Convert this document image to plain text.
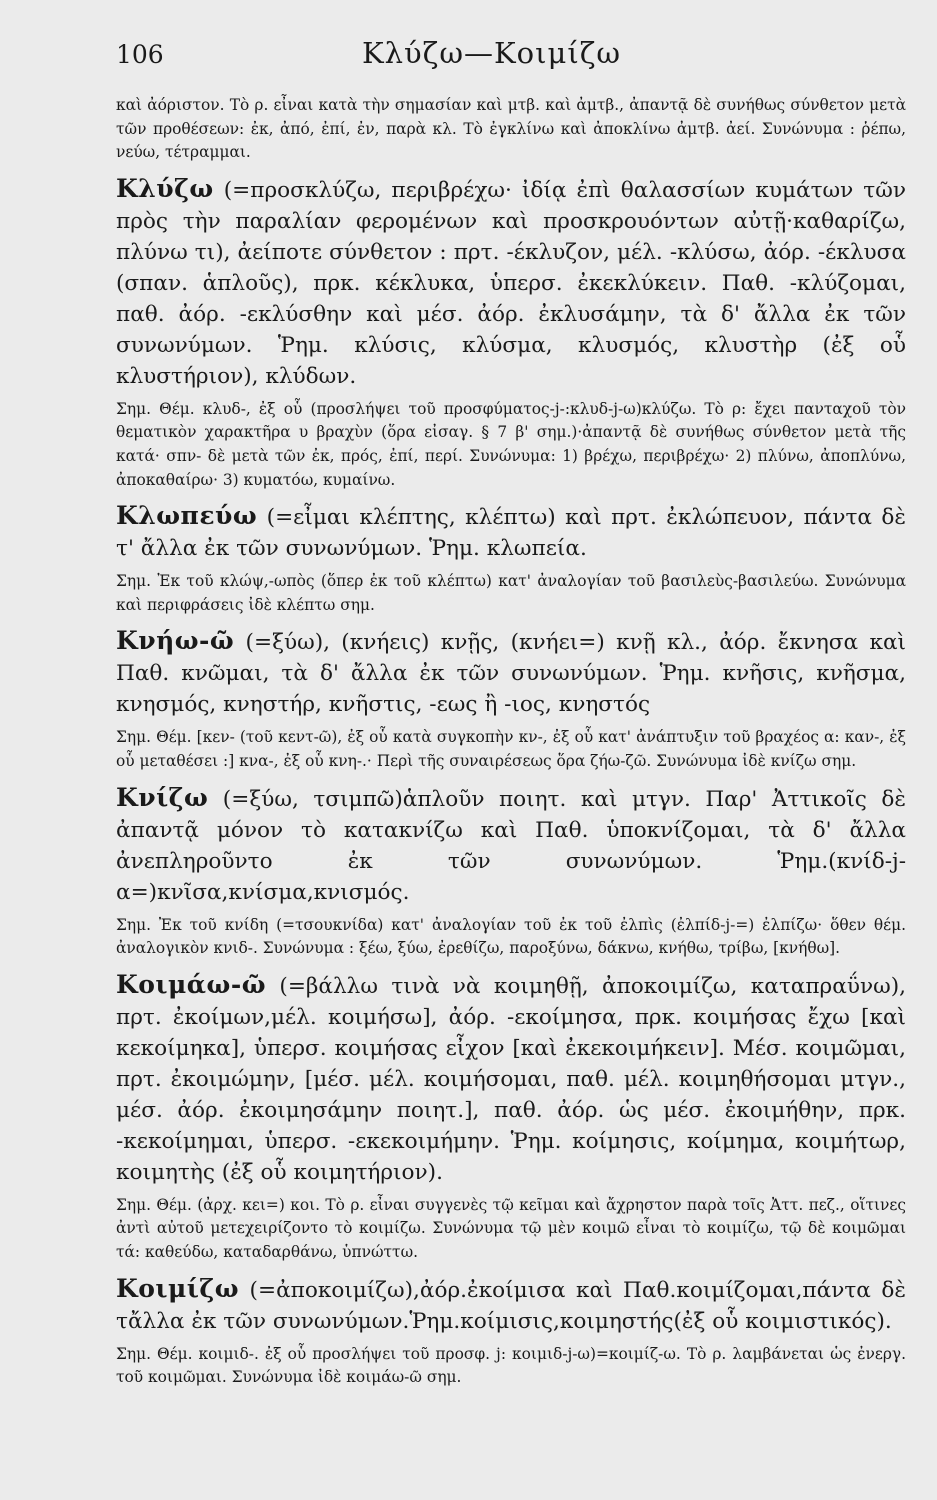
106	Κλύζω—Κοιμίζω

καὶ ἀόριστον. Τὸ ρ. εἶναι κατὰ τὴν σημασίαν καὶ μτβ. καὶ ἀμτβ., ἀπαντᾷ δὲ συνήθως σύνθετον μετὰ τῶν προθέσεων: ἐκ, ἀπό, ἐπί, ἐν, παρὰ κλ. Τὸ ἐγκλίνω καὶ ἀποκλίνω ἀμτβ. ἀεί. Συνώνυμα : ῥέπω, νεύω, τέτραμμαι.

Κλύζω (=προσκλύζω, περιβρέχω· ἰδίᾳ ἐπὶ θαλασσίων κυμάτων τῶν πρὸς τὴν παραλίαν φερομένων καὶ προσκρουόντων αὐτῇ·καθαρίζω, πλύνω τι), ἀείποτε σύνθετον : πρτ. -έκλυζον, μέλ. -κλύσω, ἀόρ. -έκλυσα (σπαν. ἁπλοῦς), πρκ. κέκλυκα, ὑπερσ. ἐκεκλύκειν. Παθ. -κλύζομαι, παθ. ἀόρ. -εκλύσθην καὶ μέσ. ἀόρ. ἐκλυσάμην, τὰ δ' ἄλλα ἐκ τῶν συνωνύμων. Ῥημ. κλύσις, κλύσμα, κλυσμός, κλυστὴρ (ἐξ οὗ κλυστήριον), κλύδων.

Σημ. Θέμ. κλυδ-, ἐξ οὗ (προσλήψει τοῦ προσφύματος-j-:κλυδ-j-ω)κλύζω. Τὸ ρ: ἔχει πανταχοῦ τὸν θεματικὸν χαρακτῆρα υ βραχὺν (ὅρα εἰσαγ. § 7 β' σημ.)·ἀπαντᾷ δὲ συνήθως σύνθετον μετὰ τῆς κατά· σπν- δὲ μετὰ τῶν ἐκ, πρός, ἐπί, περί. Συνώνυμα: 1) βρέχω, περιβρέχω· 2) πλύνω, ἀποπλύνω, ἀποκαθαίρω· 3) κυματόω, κυμαίνω.

Κλωπεύω (=εἶμαι κλέπτης, κλέπτω) καὶ πρτ. ἐκλώπευον, πάντα δὲ τ' ἄλλα ἐκ τῶν συνωνύμων. Ῥημ. κλωπεία.

Σημ. Ἐκ τοῦ κλώψ,-ωπὸς (ὅπερ ἐκ τοῦ κλέπτω) κατ' ἀναλογίαν τοῦ βασιλεὺς-βασιλεύω. Συνώνυμα καὶ περιφράσεις ἰδὲ κλέπτω σημ.

Κνήω-ῶ (=ξύω), (κνήεις) κνῇς, (κνήει=) κνῇ κλ., ἀόρ. ἔκνησα καὶ Παθ. κνῶμαι, τὰ δ' ἄλλα ἐκ τῶν συνωνύμων. Ῥημ. κνῆσις, κνῆσμα, κνησμός, κνηστήρ, κνῆστις, -εως ἢ -ιος, κνηστός

Σημ. Θέμ. [κεν- (τοῦ κεντ-ῶ), ἐξ οὗ κατὰ συγκοπὴν κν-, ἐξ οὗ κατ' ἀνάπτυξιν τοῦ βραχέος α: καν-, ἐξ οὗ μεταθέσει :] κνα-, ἐξ οὗ κνη-.· Περὶ τῆς συναιρέσεως ὅρα ζήω-ζῶ. Συνώνυμα ἰδὲ κνίζω σημ.

Κνίζω (=ξύω, τσιμπῶ)ἁπλοῦν ποιητ. καὶ μτγν. Παρ' Ἀττικοῖς δὲ ἀπαντᾷ μόνον τὸ κατακνίζω καὶ Παθ. ὑποκνίζομαι, τὰ δ' ἄλλα ἀνεπληροῦντο ἐκ τῶν συνωνύμων. Ῥημ.(κνίδ-j-α=)κνῖσα,κνίσμα,κνισμός.

Σημ. Ἐκ τοῦ κνίδη (=τσουκνίδα) κατ' ἀναλογίαν τοῦ ἐκ τοῦ ἐλπὶς (ἐλπίδ-j-=) ἐλπίζω· ὅθεν θέμ. ἀναλογικὸν κνιδ-. Συνώνυμα : ξέω, ξύω, ἐρεθίζω, παροξύνω, δάκνω, κνήθω, τρίβω, [κνήθω].

Κοιμάω-ῶ (=βάλλω τινὰ νὰ κοιμηθῇ, ἀποκοιμίζω, καταπραΰνω), πρτ. ἐκοίμων,μέλ. κοιμήσω], ἀόρ. -εκοίμησα, πρκ. κοιμήσας ἔχω [καὶ κεκοίμηκα], ὑπερσ. κοιμήσας εἶχον [καὶ ἐκεκοιμήκειν]. Μέσ. κοιμῶμαι, πρτ. ἐκοιμώμην, [μέσ. μέλ. κοιμήσομαι, παθ. μέλ. κοιμηθήσομαι μτγν., μέσ. ἀόρ. ἐκοιμησάμην ποιητ.], παθ. ἀόρ. ὡς μέσ. ἐκοιμήθην, πρκ. -κεκοίμημαι, ὑπερσ. -εκεκοιμήμην. Ῥημ. κοίμησις, κοίμημα, κοιμήτωρ, κοιμητὴς (ἐξ οὗ κοιμητήριον).

Σημ. Θέμ. (ἀρχ. κει=) κοι. Τὸ ρ. εἶναι συγγενὲς τῷ κεῖμαι καὶ ἄχρηστον παρὰ τοῖς Ἀττ. πεζ., οἵτινες ἀντὶ αὐτοῦ μετεχειρίζοντο τὸ κοιμίζω. Συνώνυμα τῷ μὲν κοιμῶ εἶναι τὸ κοιμίζω, τῷ δὲ κοιμῶμαι τά: καθεύδω, καταδαρθάνω, ὑπνώττω.

Κοιμίζω (=ἀποκοιμίζω),ἀόρ.ἐκοίμισα καὶ Παθ.κοιμίζομαι,πάντα δὲ τἄλλα ἐκ τῶν συνωνύμων.Ῥημ.κοίμισις,κοιμηστής(ἐξ οὗ κοιμιστικός).

Σημ. Θέμ. κοιμιδ-. ἐξ οὗ προσλήψει τοῦ προσφ. j: κοιμιδ-j-ω)=κοιμίζ-ω. Τὸ ρ. λαμβάνεται ὡς ἐνεργ. τοῦ κοιμῶμαι. Συνώνυμα ἰδὲ κοιμάω-ῶ σημ.
